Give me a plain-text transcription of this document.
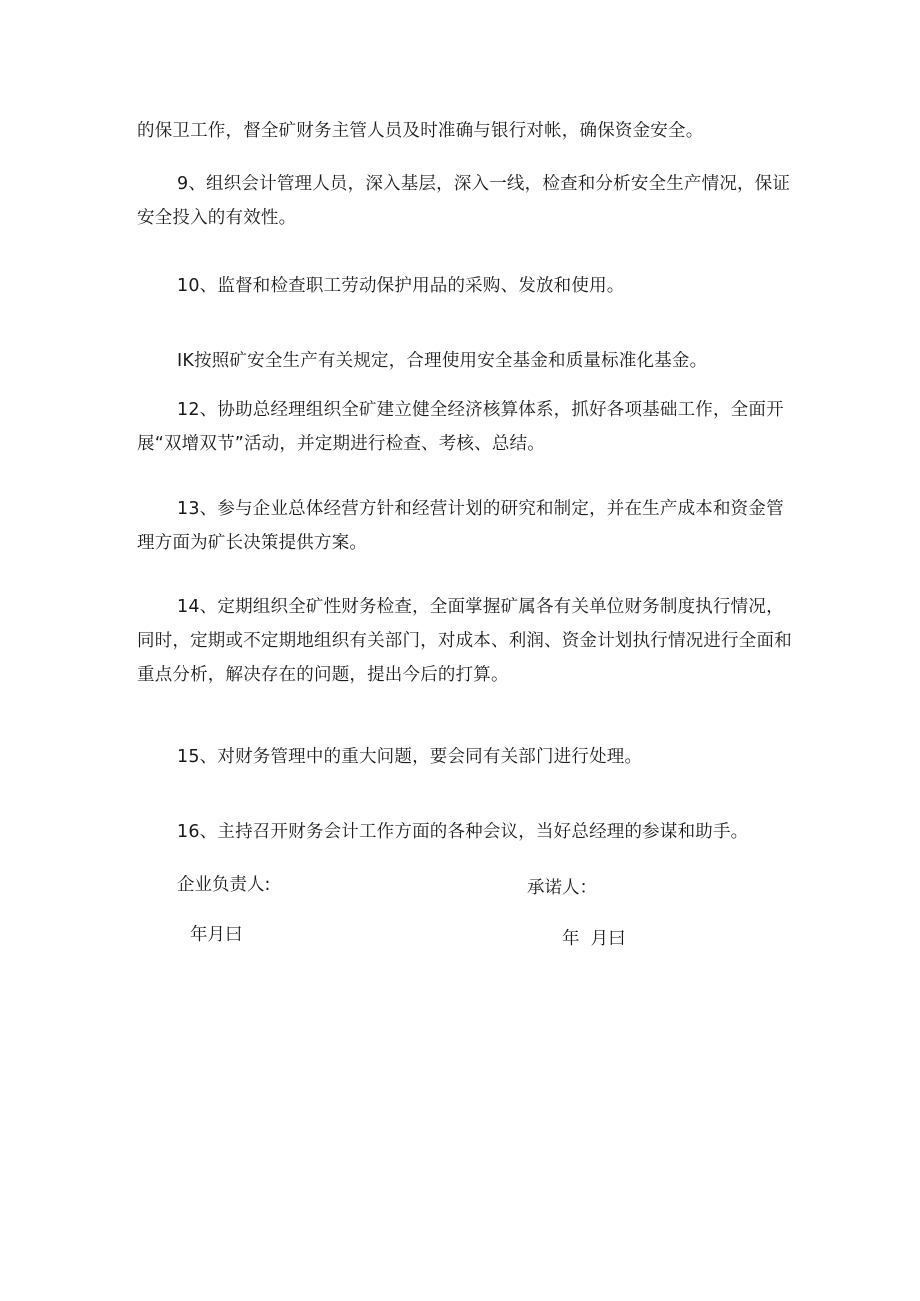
的保卫工作，督全矿财务主管人员及时准确与银行对帐，确保资金安全。

9、组织会计管理人员，深入基层，深入一线，检查和分析安全生产情况，保证安全投入的有效性。

10、监督和检查职工劳动保护用品的采购、发放和使用。

IK按照矿安全生产有关规定，合理使用安全基金和质量标准化基金。

12、协助总经理组织全矿建立健全经济核算体系，抓好各项基础工作，全面开展“双增双节”活动，并定期进行检查、考核、总结。

13、参与企业总体经营方针和经营计划的研究和制定，并在生产成本和资金管理方面为矿长决策提供方案。

14、定期组织全矿性财务检查，全面掌握矿属各有关单位财务制度执行情况，同时，定期或不定期地组织有关部门，对成本、利润、资金计划执行情况进行全面和重点分析，解决存在的问题，提出今后的打算。

15、对财务管理中的重大问题，要会同有关部门进行处理。

16、主持召开财务会计工作方面的各种会议，当好总经理的参谋和助手。

企业负责人:

年月曰

承诺人：

年  月曰
